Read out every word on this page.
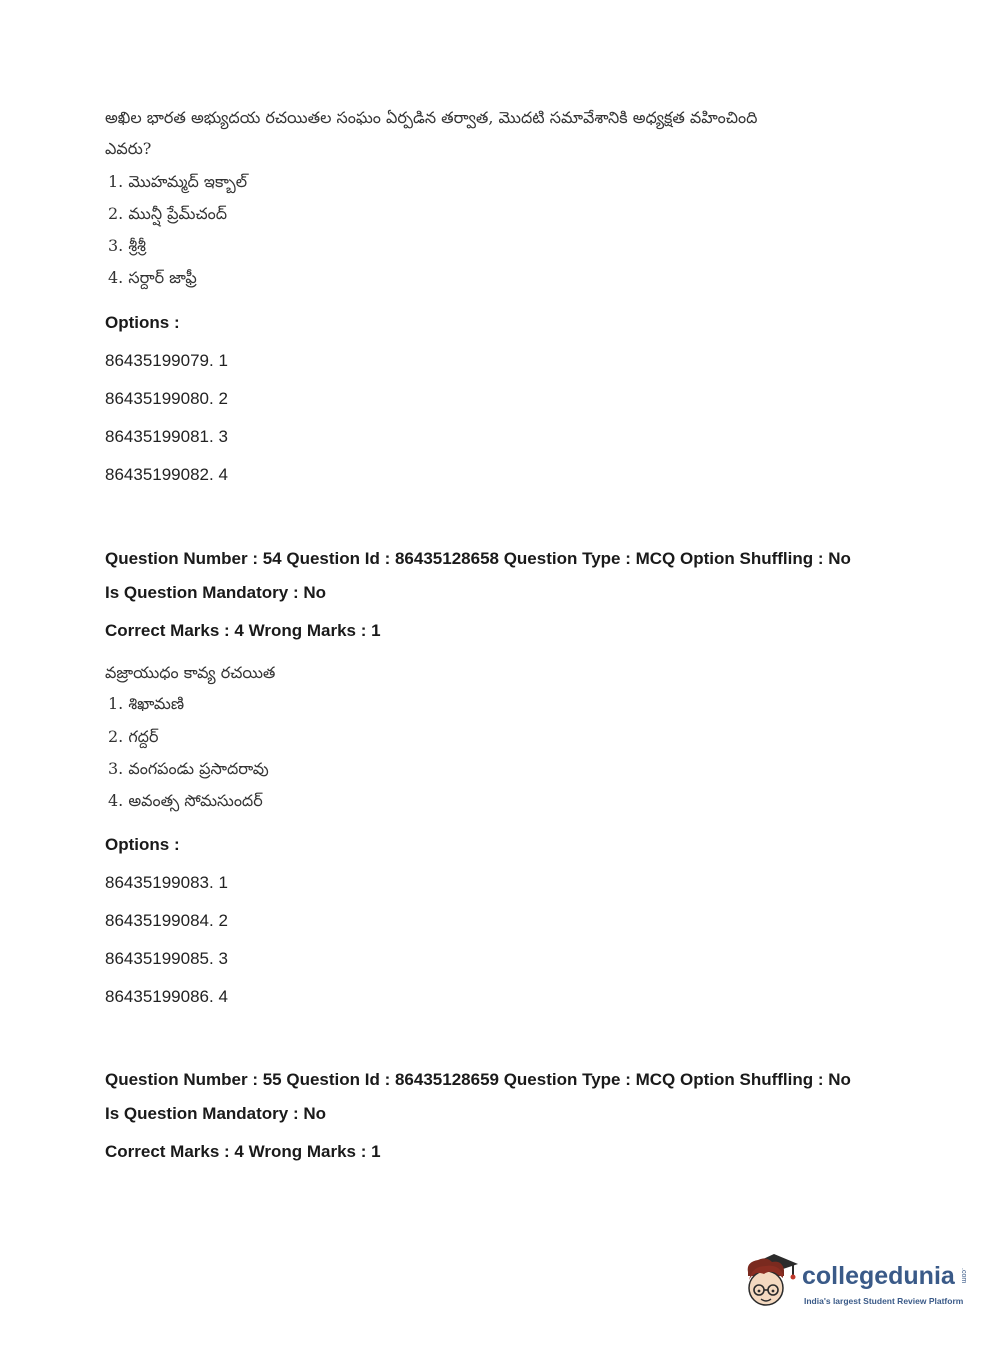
అఖిల భారత అభ్యుదయ రచయితల సంఘం ఏర్పడిన తర్వాత, మొదటి సమావేశానికి అధ్యక్షత వహించింది
ఎవరు?
1. మొహమ్మద్ ఇక్బాల్
2. మున్షీ ప్రేమ్‌చంద్
3. శ్రీశ్రీ
4. సర్దార్ జాఫ్రీ
Options :
86435199079. 1
86435199080. 2
86435199081. 3
86435199082. 4
Question Number : 54 Question Id : 86435128658 Question Type : MCQ Option Shuffling : No
Is Question Mandatory : No
Correct Marks : 4 Wrong Marks : 1
వజ్రాయుధం కావ్య రచయిత
1. శిఖామణి
2. గద్దర్
3. వంగపండు ప్రసాదరావు
4. అవంత్స సోమసుందర్
Options :
86435199083. 1
86435199084. 2
86435199085. 3
86435199086. 4
Question Number : 55 Question Id : 86435128659 Question Type : MCQ Option Shuffling : No
Is Question Mandatory : No
Correct Marks : 4 Wrong Marks : 1
collegedunia .com
India's largest Student Review Platform
